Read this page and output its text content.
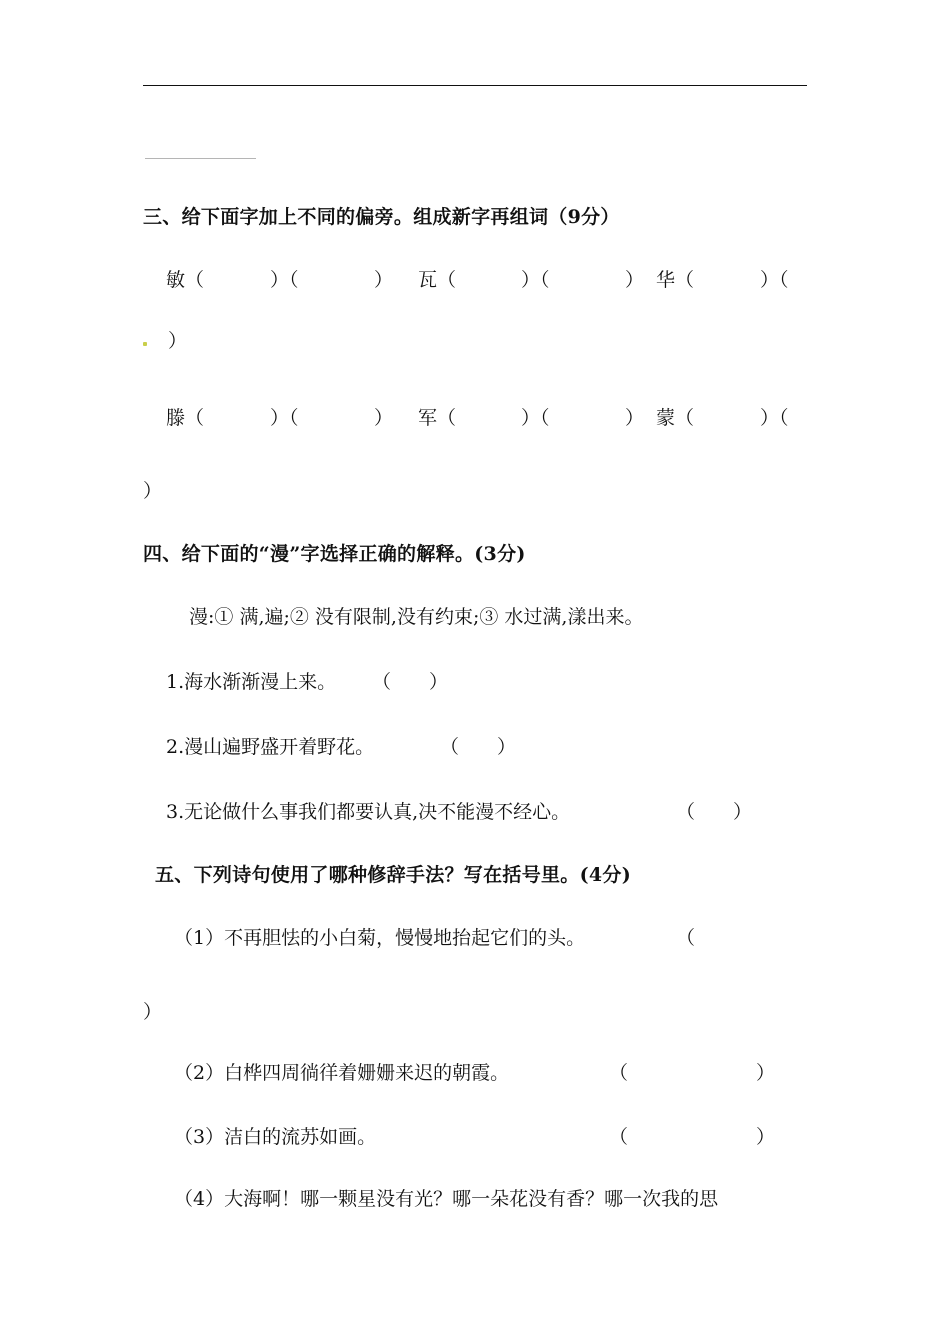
三、给下面字加上不同的偏旁。组成新字再组词（9分）
敏（	）（	） 瓦（	）（	） 华（	）（
）
滕（	）（	） 军（	）（	） 蒙（	）（
）
四、给下面的“漫”字选择正确的解释。(3分)
漫:① 满,遍;② 没有限制,没有约束;③ 水过满,漾出来。
1.海水渐渐漫上来。 （　　）
2.漫山遍野盛开着野花。	（　　）
3.无论做什么事我们都要认真,决不能漫不经心。	（　　）
五、下列诗句使用了哪种修辞手法？写在括号里。(4分)
（1）不再胆怯的小白菊，慢慢地抬起它们的头。	（
）
（2）白桦四周徜徉着姗姗来迟的朝霞。	（	）
（3）洁白的流苏如画。	（	）
（4）大海啊！哪一颗星没有光？哪一朵花没有香？哪一次我的思
